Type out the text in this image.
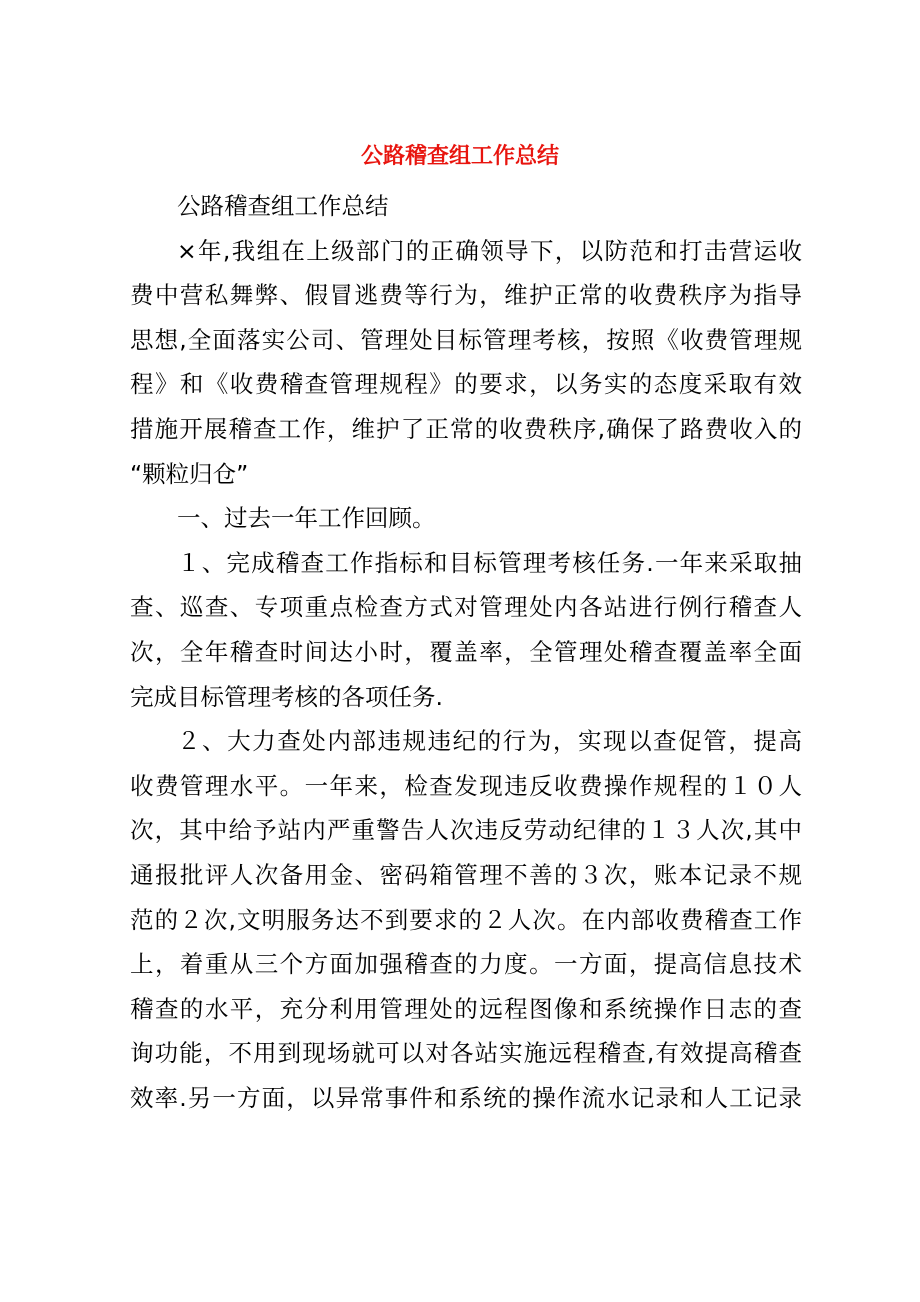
公路稽查组工作总结
公路稽查组工作总结
×年,我组在上级部门的正确领导下，以防范和打击营运收
费中营私舞弊、假冒逃费等行为，维护正常的收费秩序为指导
思想,全面落实公司、管理处目标管理考核，按照《收费管理规
程》和《收费稽查管理规程》的要求，以务实的态度采取有效
措施开展稽查工作，维护了正常的收费秩序,确保了路费收入的
“颗粒归仓”
一、过去一年工作回顾。
１、完成稽查工作指标和目标管理考核任务.一年来采取抽
查、巡查、专项重点检查方式对管理处内各站进行例行稽查人
次，全年稽查时间达小时，覆盖率，全管理处稽查覆盖率全面
完成目标管理考核的各项任务.
２、大力查处内部违规违纪的行为，实现以查促管，提高
收费管理水平。一年来，检查发现违反收费操作规程的１０人
次，其中给予站内严重警告人次违反劳动纪律的１３人次,其中
通报批评人次备用金、密码箱管理不善的３次，账本记录不规
范的２次,文明服务达不到要求的２人次。在内部收费稽查工作
上，着重从三个方面加强稽查的力度。一方面，提高信息技术
稽查的水平，充分利用管理处的远程图像和系统操作日志的查
询功能，不用到现场就可以对各站实施远程稽查,有效提高稽查
效率.另一方面，以异常事件和系统的操作流水记录和人工记录
